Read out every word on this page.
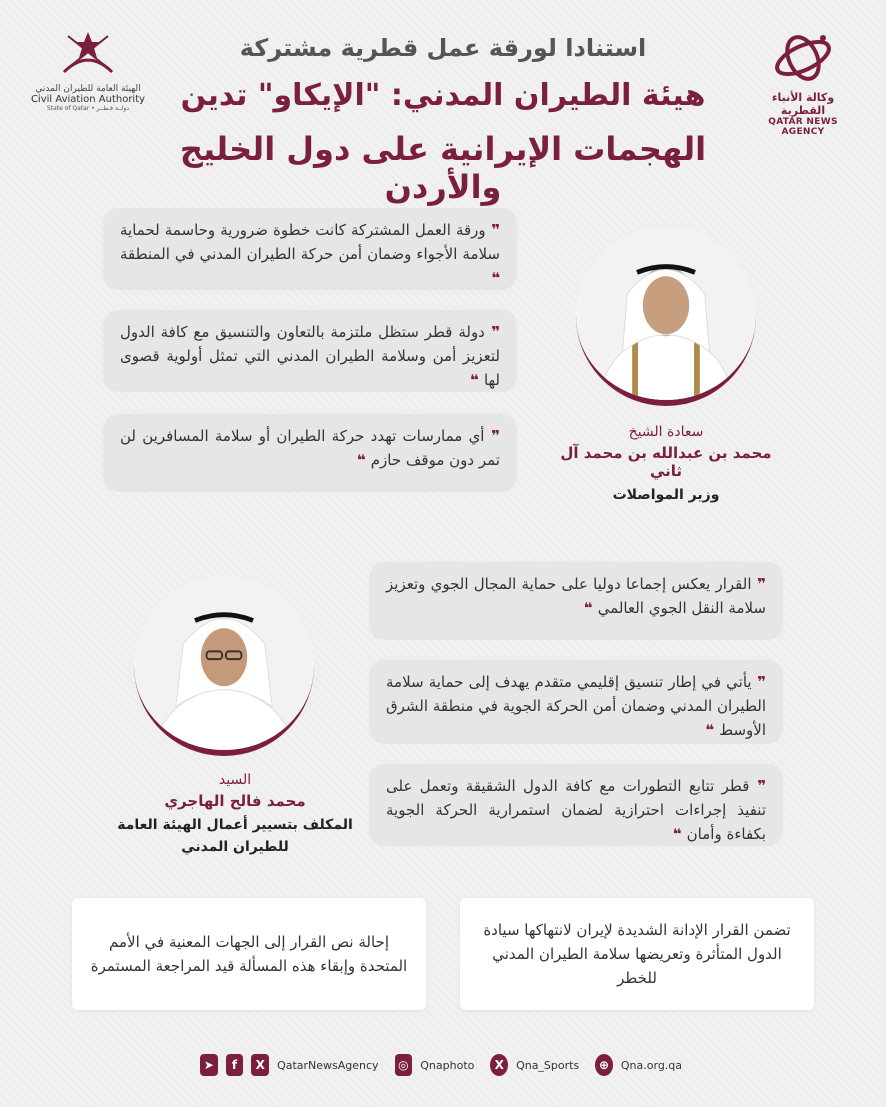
الهيئة العامة للطيران المدني
Civil Aviation Authority
State of Qatar • دولــة قـطــر
وكالة الأنباء القطرية
QATAR NEWS AGENCY
استنادا لورقة عمل قطرية مشتركة
هيئة الطيران المدني: "الإيكاو" تدين
الهجمات الإيرانية على دول الخليج والأردن
❞ ورقة العمل المشتركة كانت خطوة ضرورية وحاسمة لحماية سلامة الأجواء وضمان أمن حركة الطيران المدني في المنطقة ❝
❞ دولة قطر ستظل ملتزمة بالتعاون والتنسيق مع كافة الدول لتعزيز أمن وسلامة الطيران المدني التي تمثل أولوية قصوى لها ❝
❞ أي ممارسات تهدد حركة الطيران أو سلامة المسافرين لن تمر دون موقف حازم ❝
سعادة الشيخ
محمد بن عبدالله بن محمد آل ثاني
وزير المواصلات
❞ القرار يعكس إجماعا دوليا على حماية المجال الجوي وتعزيز سلامة النقل الجوي العالمي ❝
❞ يأتي في إطار تنسيق إقليمي متقدم يهدف إلى حماية سلامة الطيران المدني وضمان أمن الحركة الجوية في منطقة الشرق الأوسط ❝
❞ قطر تتابع التطورات مع كافة الدول الشقيقة وتعمل على تنفيذ إجراءات احترازية لضمان استمرارية الحركة الجوية بكفاءة وأمان ❝
السيد
محمد فالح الهاجري
المكلف بتسيير أعمال الهيئة العامة
للطيران المدني
تضمن القرار الإدانة الشديدة لإيران لانتهاكها سيادة الدول المتأثرة وتعريضها سلامة الطيران المدني للخطر
إحالة نص القرار إلى الجهات المعنية في الأمم المتحدة وإبقاء هذه المسألة قيد المراجعة المستمرة
➤	f	X	QatarNewsAgency ◎	Qnaphoto	X	Qna_Sports	⊕	Qna.org.qa
